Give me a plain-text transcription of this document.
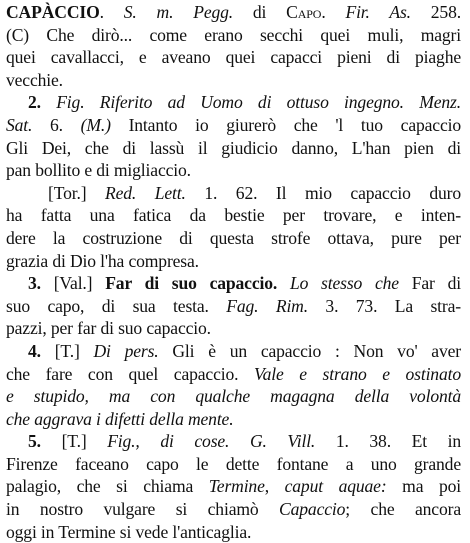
CAPÀCCIO. S. m. Pegg. di Capo. Fir. As. 258.
(C) Che dirò... come erano secchi quei muli, magri
quei cavallacci, e aveano quei capacci pieni di piaghe
vecchie.

2. Fig. Riferito ad Uomo di ottuso ingegno. Menz.
Sat. 6. (M.) Intanto io giurerò che 'l tuo capaccio
Gli Dei, che di lassù il giudicio danno, L'han pien di
pan bollito e di migliaccio.

[Tor.] Red. Lett. 1. 62. Il mio capaccio duro
ha fatta una fatica da bestie per trovare, e inten-
dere la costruzione di questa strofe ottava, pure per
grazia di Dio l'ha compresa.

3. [Val.] Far di suo capaccio. Lo stesso che Far di
suo capo, di sua testa. Fag. Rim. 3. 73. La stra-
pazzi, per far di suo capaccio.

4. [T.] Di pers. Gli è un capaccio : Non vo' aver
che fare con quel capaccio. Vale e strano e ostinato
e stupido, ma con qualche magagna della volontà
che aggrava i difetti della mente.

5. [T.] Fig., di cose. G. Vill. 1. 38. Et in
Firenze faceano capo le dette fontane a uno grande
palagio, che si chiama Termine, caput aquae: ma poi
in nostro vulgare si chiamò Capaccio; che ancora
oggi in Termine si vede l'anticaglia.
